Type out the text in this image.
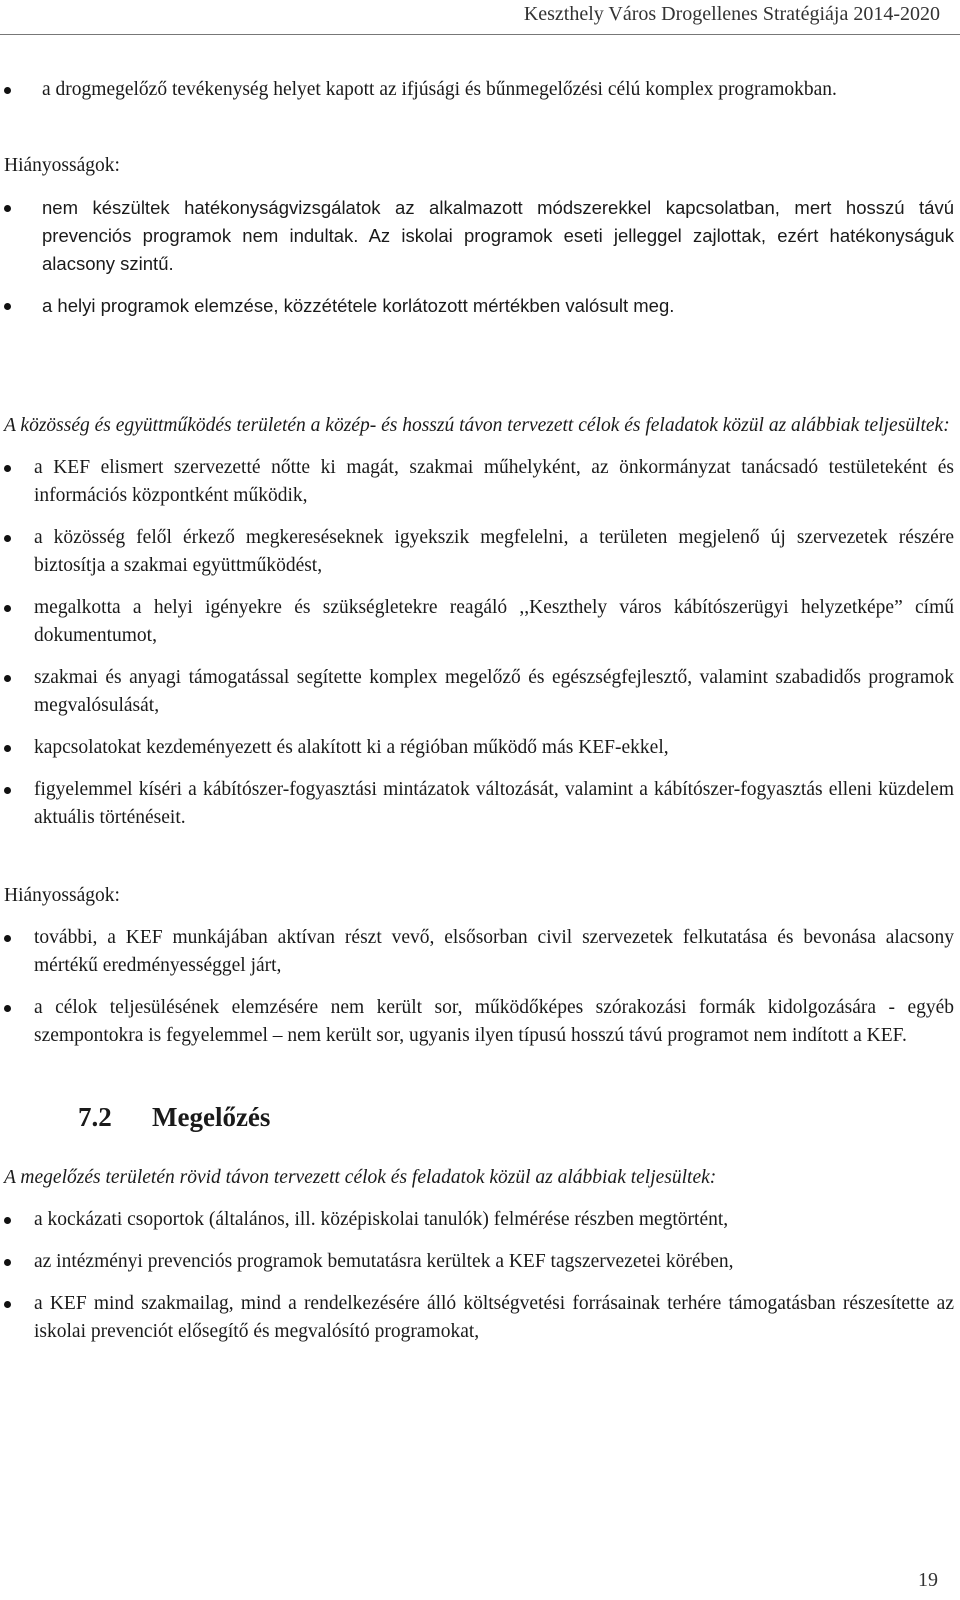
Keszthely Város Drogellenes Stratégiája 2014-2020
a drogmegelőző tevékenység helyet kapott az ifjúsági és bűnmegelőzési célú komplex programokban.

Hiányosságok:

nem készültek hatékonyságvizsgálatok az alkalmazott módszerekkel kapcsolatban, mert hosszú távú prevenciós programok nem indultak. Az iskolai programok eseti jelleggel zajlottak, ezért hatékonyságuk alacsony szintű.
a helyi programok elemzése, közzététele korlátozott mértékben valósult meg.

A közösség és együttműködés területén a közép- és hosszú távon tervezett célok és feladatok közül az alábbiak teljesültek:

a KEF elismert szervezetté nőtte ki magát, szakmai műhelyként, az önkormányzat tanácsadó testületeként és információs központként működik,
a közösség felől érkező megkereséseknek igyekszik megfelelni, a területen megjelenő új szervezetek részére biztosítja a szakmai együttműködést,
megalkotta a helyi igényekre és szükségletekre reagáló ,,Keszthely város kábítószerügyi helyzetképe” című dokumentumot,
szakmai és anyagi támogatással segítette komplex megelőző és egészségfejlesztő, valamint szabadidős programok megvalósulását,
kapcsolatokat kezdeményezett és alakított ki a régióban működő más KEF-ekkel,
figyelemmel kíséri a kábítószer-fogyasztási mintázatok változását, valamint a kábítószer-fogyasztás elleni küzdelem aktuális történéseit.

Hiányosságok:

további, a KEF munkájában aktívan részt vevő, elsősorban civil szervezetek felkutatása és bevonása alacsony mértékű eredményességgel járt,
a célok teljesülésének elemzésére nem került sor, működőképes szórakozási formák kidolgozására - egyéb szempontokra is fegyelemmel – nem került sor, ugyanis ilyen típusú hosszú távú programot nem indított a KEF.
7.2 Megelőzés

A megelőzés területén rövid távon tervezett célok és feladatok közül az alábbiak teljesültek:

a kockázati csoportok (általános, ill. középiskolai tanulók) felmérése részben megtörtént,
az intézményi prevenciós programok bemutatásra kerültek a KEF tagszervezetei körében,
a KEF mind szakmailag, mind a rendelkezésére álló költségvetési forrásainak terhére támogatásban részesítette az iskolai prevenciót elősegítő és megvalósító programokat,
19
